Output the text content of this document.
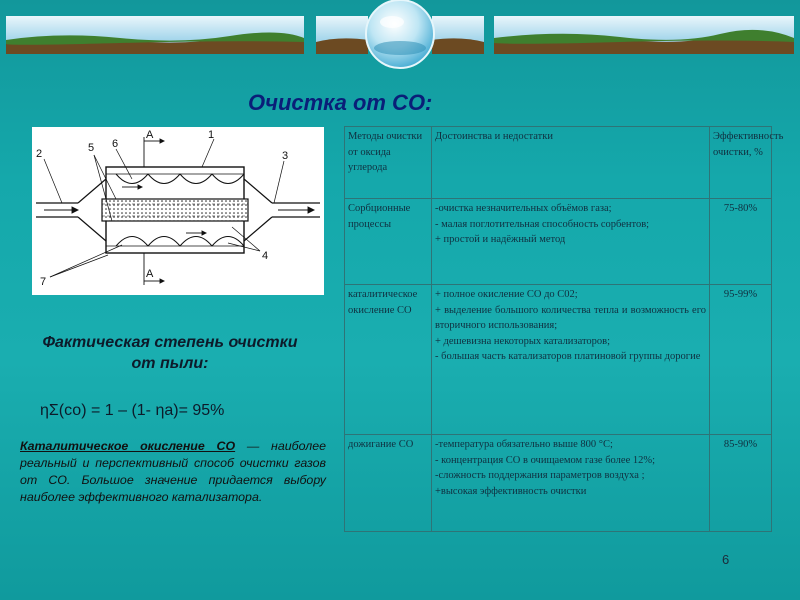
Очистка от СО:
1
2	3
4
5 6
7
A
A

Фактическая степень очистки
от пыли:

ηΣ(со) = 1 – (1- ηа)= 95%

Каталитическое окисление СО — наиболее реальный и перспективный способ очистки газов от СО. Большое значение придается выбору наиболее эффективного катализатора.

Методы очистки от оксида углерода	Достоинства и недостатки	Эффективность очистки, %
Сорбционные процессы	-очистка незначительных объёмов газа;
- малая поглотительная способность сорбентов;
+ простой и надёжный метод	75-80%
каталитическое окисление СО	+ полное окисление СО до С02;
+ выделение большого количества тепла и возможность его вторичного использования;
+ дешевизна некоторых катализаторов;
- большая часть катализаторов платиновой группы дорогие	95-99%
дожигание СО	-температура обязательно выше 800 °С;
- концентрация СО в очищаемом газе более 12%;
-сложность поддержания параметров воздуха ;
+высокая эффективность очистки	85-90%
6
